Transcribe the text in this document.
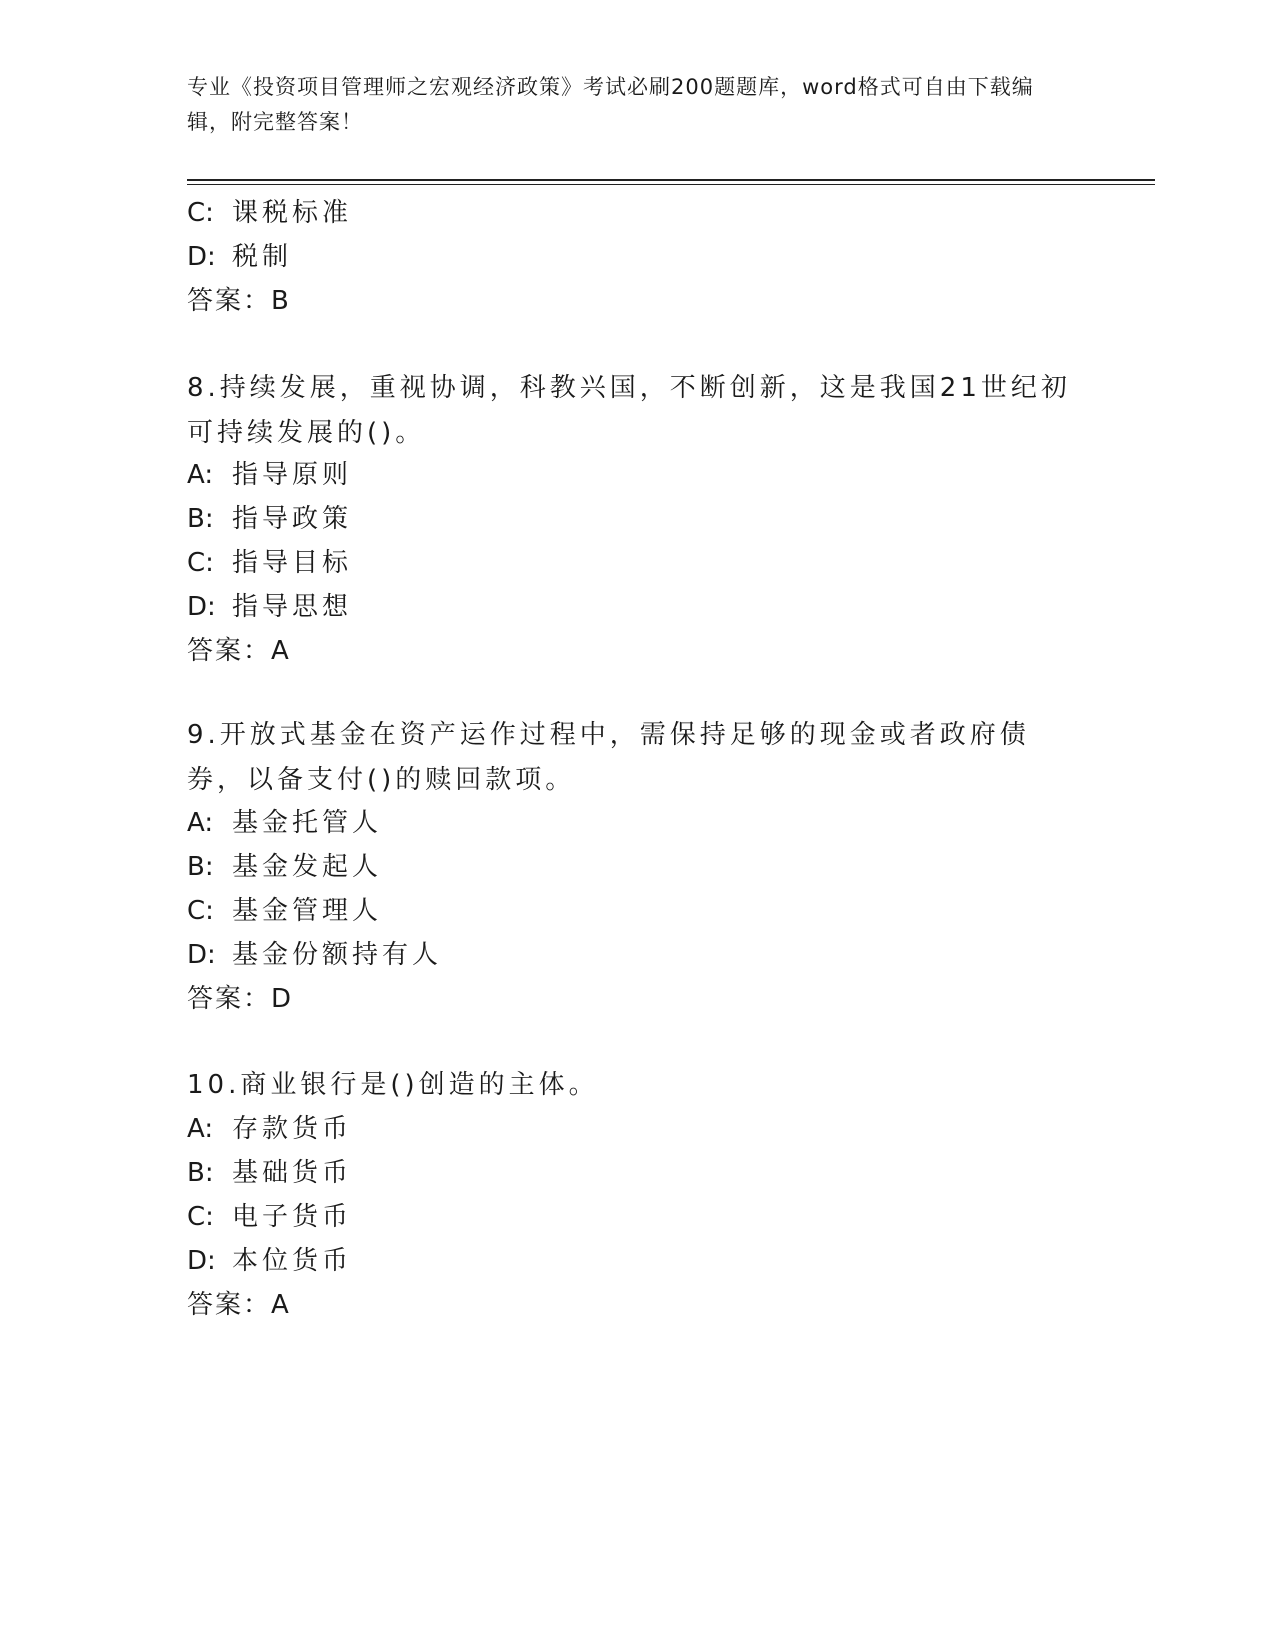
专业《投资项目管理师之宏观经济政策》考试必刷200题题库，word格式可自由下载编辑，附完整答案！
C: 课税标准
D: 税制
答案：B
8.持续发展，重视协调，科教兴国，不断创新，这是我国21世纪初可持续发展的()。
A: 指导原则
B: 指导政策
C: 指导目标
D: 指导思想
答案：A
9.开放式基金在资产运作过程中，需保持足够的现金或者政府债券，以备支付()的赎回款项。
A: 基金托管人
B: 基金发起人
C: 基金管理人
D: 基金份额持有人
答案：D
10.商业银行是()创造的主体。
A: 存款货币
B: 基础货币
C: 电子货币
D: 本位货币
答案：A
